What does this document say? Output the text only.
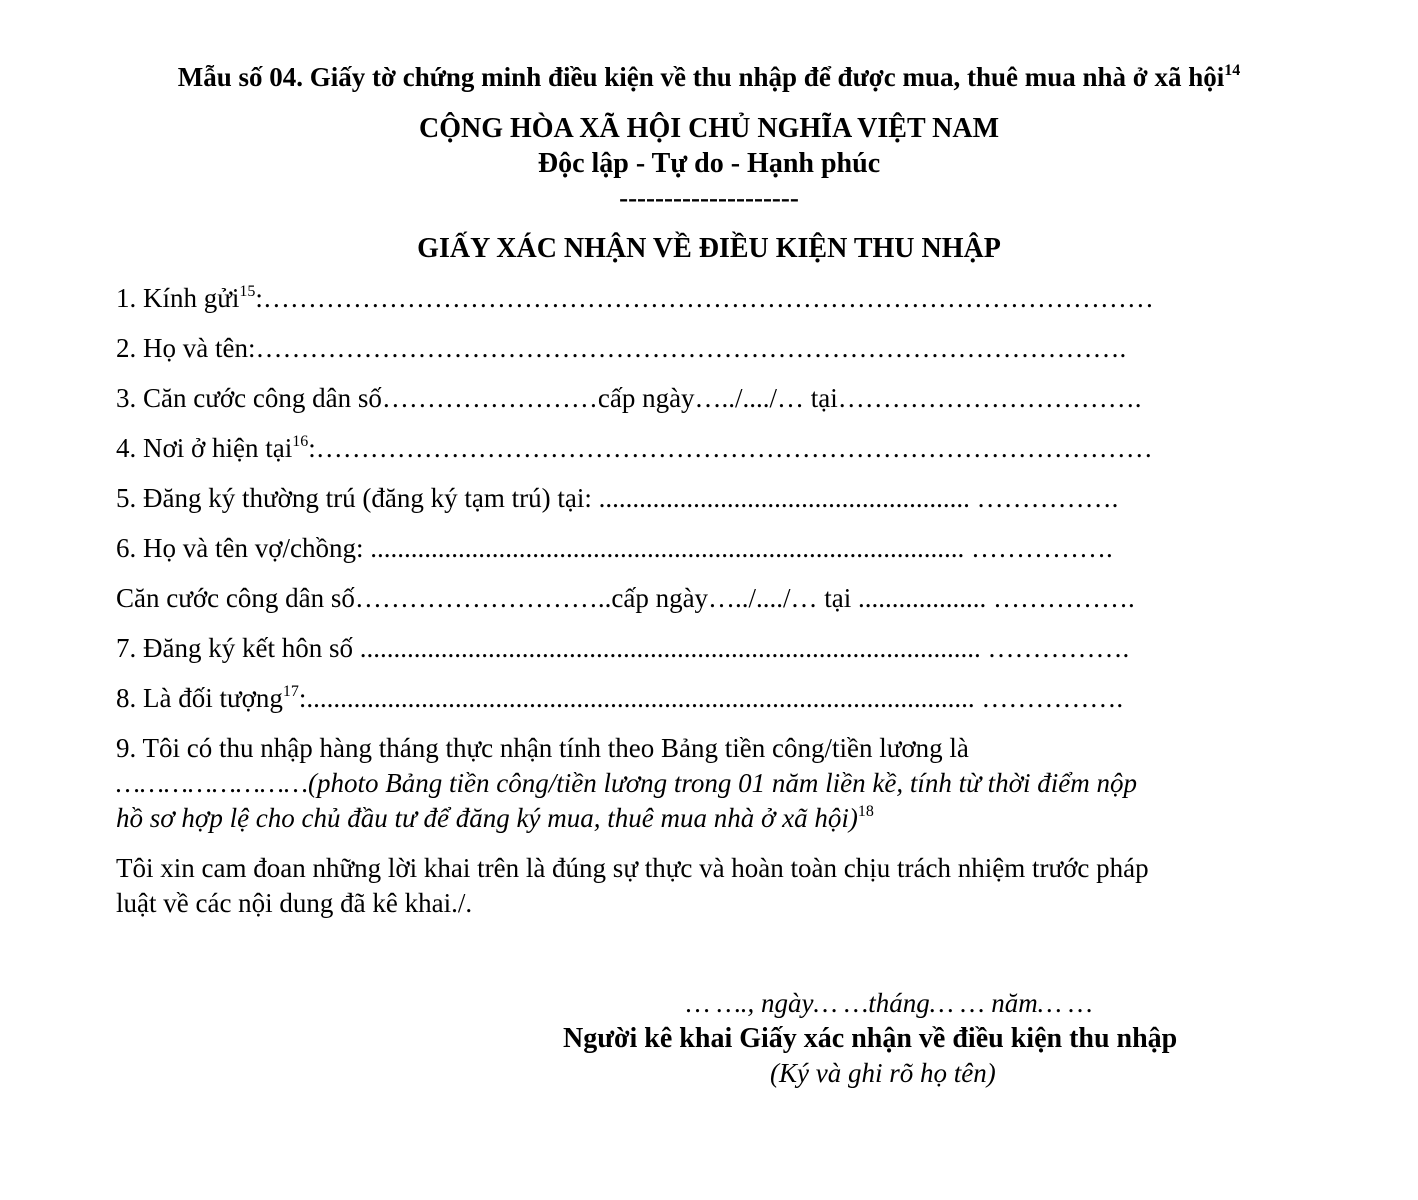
Mẫu số 04. Giấy tờ chứng minh điều kiện về thu nhập để được mua, thuê mua nhà ở xã hội$^{14}$
CỘNG HÒA XÃ HỘI CHỦ NGHĨA VIỆT NAM
Độc lập - Tự do - Hạnh phúc
--------------------
GIẤY XÁC NHẬN VỀ ĐIỀU KIỆN THU NHẬP
1. Kính gửi$^{15}$:………………………………………………………………………………………
2. Họ và tên:…………………………………………………………………………………….
3. Căn cước công dân số……………………cấp ngày…../..../… tại…………………………….
4. Nơi ở hiện tại$^{16}$:…………………………………………………………………………………
5. Đăng ký thường trú (đăng ký tạm trú) tại: ....................................................... …………….
6. Họ và tên vợ/chồng: ........................................................................................ …………….
Căn cước công dân số………………………..cấp ngày…../..../… tại ................... …………….
7. Đăng ký kết hôn số ............................................................................................ …………….
8. Là đối tượng$^{17}$:................................................................................................... …………….
9. Tôi có thu nhập hàng tháng thực nhận tính theo Bảng tiền công/tiền lương là
……………………(photo Bảng tiền công/tiền lương trong 01 năm liền kề, tính từ thời điểm nộp
hồ sơ hợp lệ cho chủ đầu tư để đăng ký mua, thuê mua nhà ở xã hội)$^{18}$
Tôi xin cam đoan những lời khai trên là đúng sự thực và hoàn toàn chịu trách nhiệm trước pháp
luật về các nội dung đã kê khai./.
… …., ngày… …tháng… … năm… …
Người kê khai Giấy xác nhận về điều kiện thu nhập
(Ký và ghi rõ họ tên)
